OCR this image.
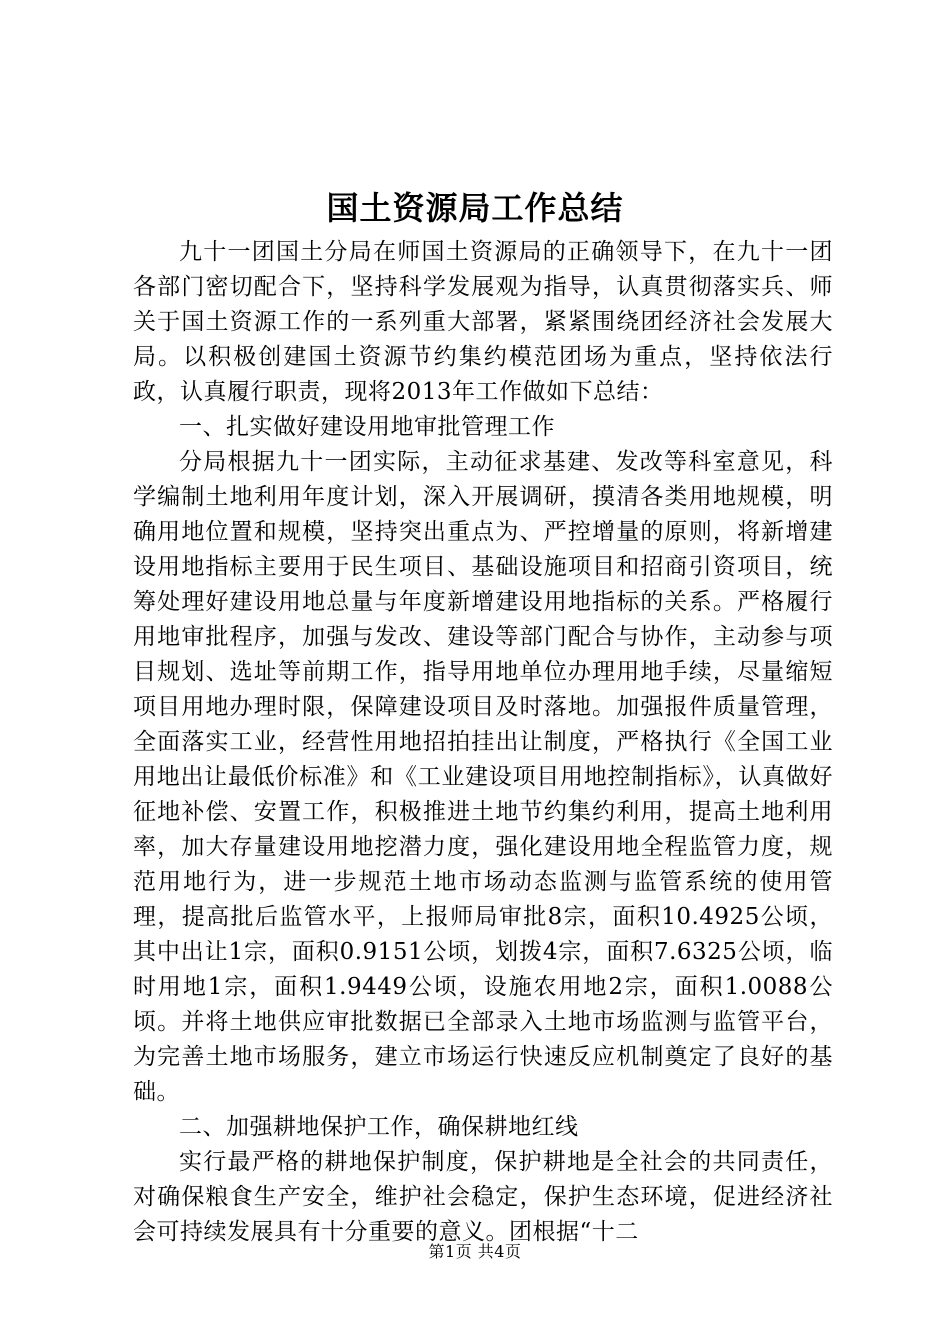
国土资源局工作总结

九十一团国土分局在师国土资源局的正确领导下，在九十一团各部门密切配合下，坚持科学发展观为指导，认真贯彻落实兵、师关于国土资源工作的一系列重大部署，紧紧围绕团经济社会发展大局。以积极创建国土资源节约集约模范团场为重点，坚持依法行政，认真履行职责，现将2013年工作做如下总结：

一、扎实做好建设用地审批管理工作

分局根据九十一团实际，主动征求基建、发改等科室意见，科学编制土地利用年度计划，深入开展调研，摸清各类用地规模，明确用地位置和规模，坚持突出重点为、严控增量的原则，将新增建设用地指标主要用于民生项目、基础设施项目和招商引资项目，统筹处理好建设用地总量与年度新增建设用地指标的关系。严格履行用地审批程序，加强与发改、建设等部门配合与协作，主动参与项目规划、选址等前期工作，指导用地单位办理用地手续，尽量缩短项目用地办理时限，保障建设项目及时落地。加强报件质量管理，全面落实工业，经营性用地招拍挂出让制度，严格执行《全国工业用地出让最低价标准》和《工业建设项目用地控制指标》，认真做好征地补偿、安置工作，积极推进土地节约集约利用，提高土地利用率，加大存量建设用地挖潜力度，强化建设用地全程监管力度，规范用地行为，进一步规范土地市场动态监测与监管系统的使用管理，提高批后监管水平，上报师局审批8宗，面积10.4925公顷，其中出让1宗，面积0.9151公顷，划拨4宗，面积7.6325公顷，临时用地1宗，面积1.9449公顷，设施农用地2宗，面积1.0088公顷。并将土地供应审批数据已全部录入土地市场监测与监管平台，为完善土地市场服务，建立市场运行快速反应机制奠定了良好的基础。

二、加强耕地保护工作，确保耕地红线

实行最严格的耕地保护制度，保护耕地是全社会的共同责任，对确保粮食生产安全，维护社会稳定，保护生态环境，促进经济社会可持续发展具有十分重要的意义。团根据“十二

第1页 共4页
